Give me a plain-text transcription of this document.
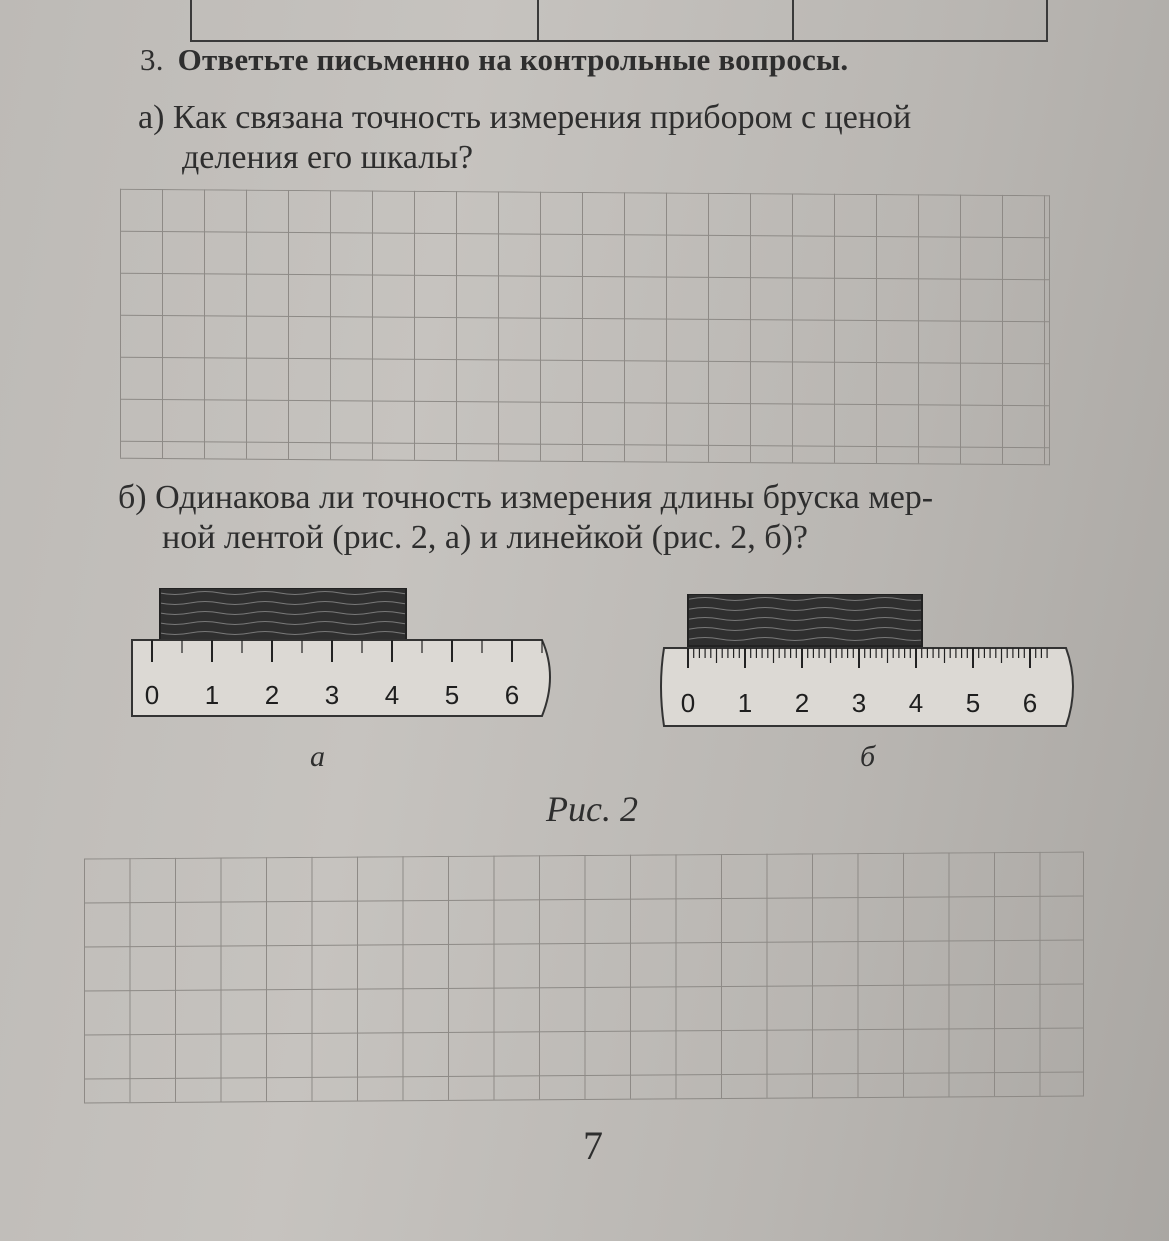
3. Ответьте письменно на контрольные вопросы.
а) Как связана точность измерения прибором с ценой
деления его шкалы?
б) Одинакова ли точность измерения длины бруска мер-
ной лентой (рис. 2, а) и линейкой (рис. 2, б)?
0 1 2 3 4 5 6
а
0 1 2 3 4 5 6
б
Рис. 2
7
